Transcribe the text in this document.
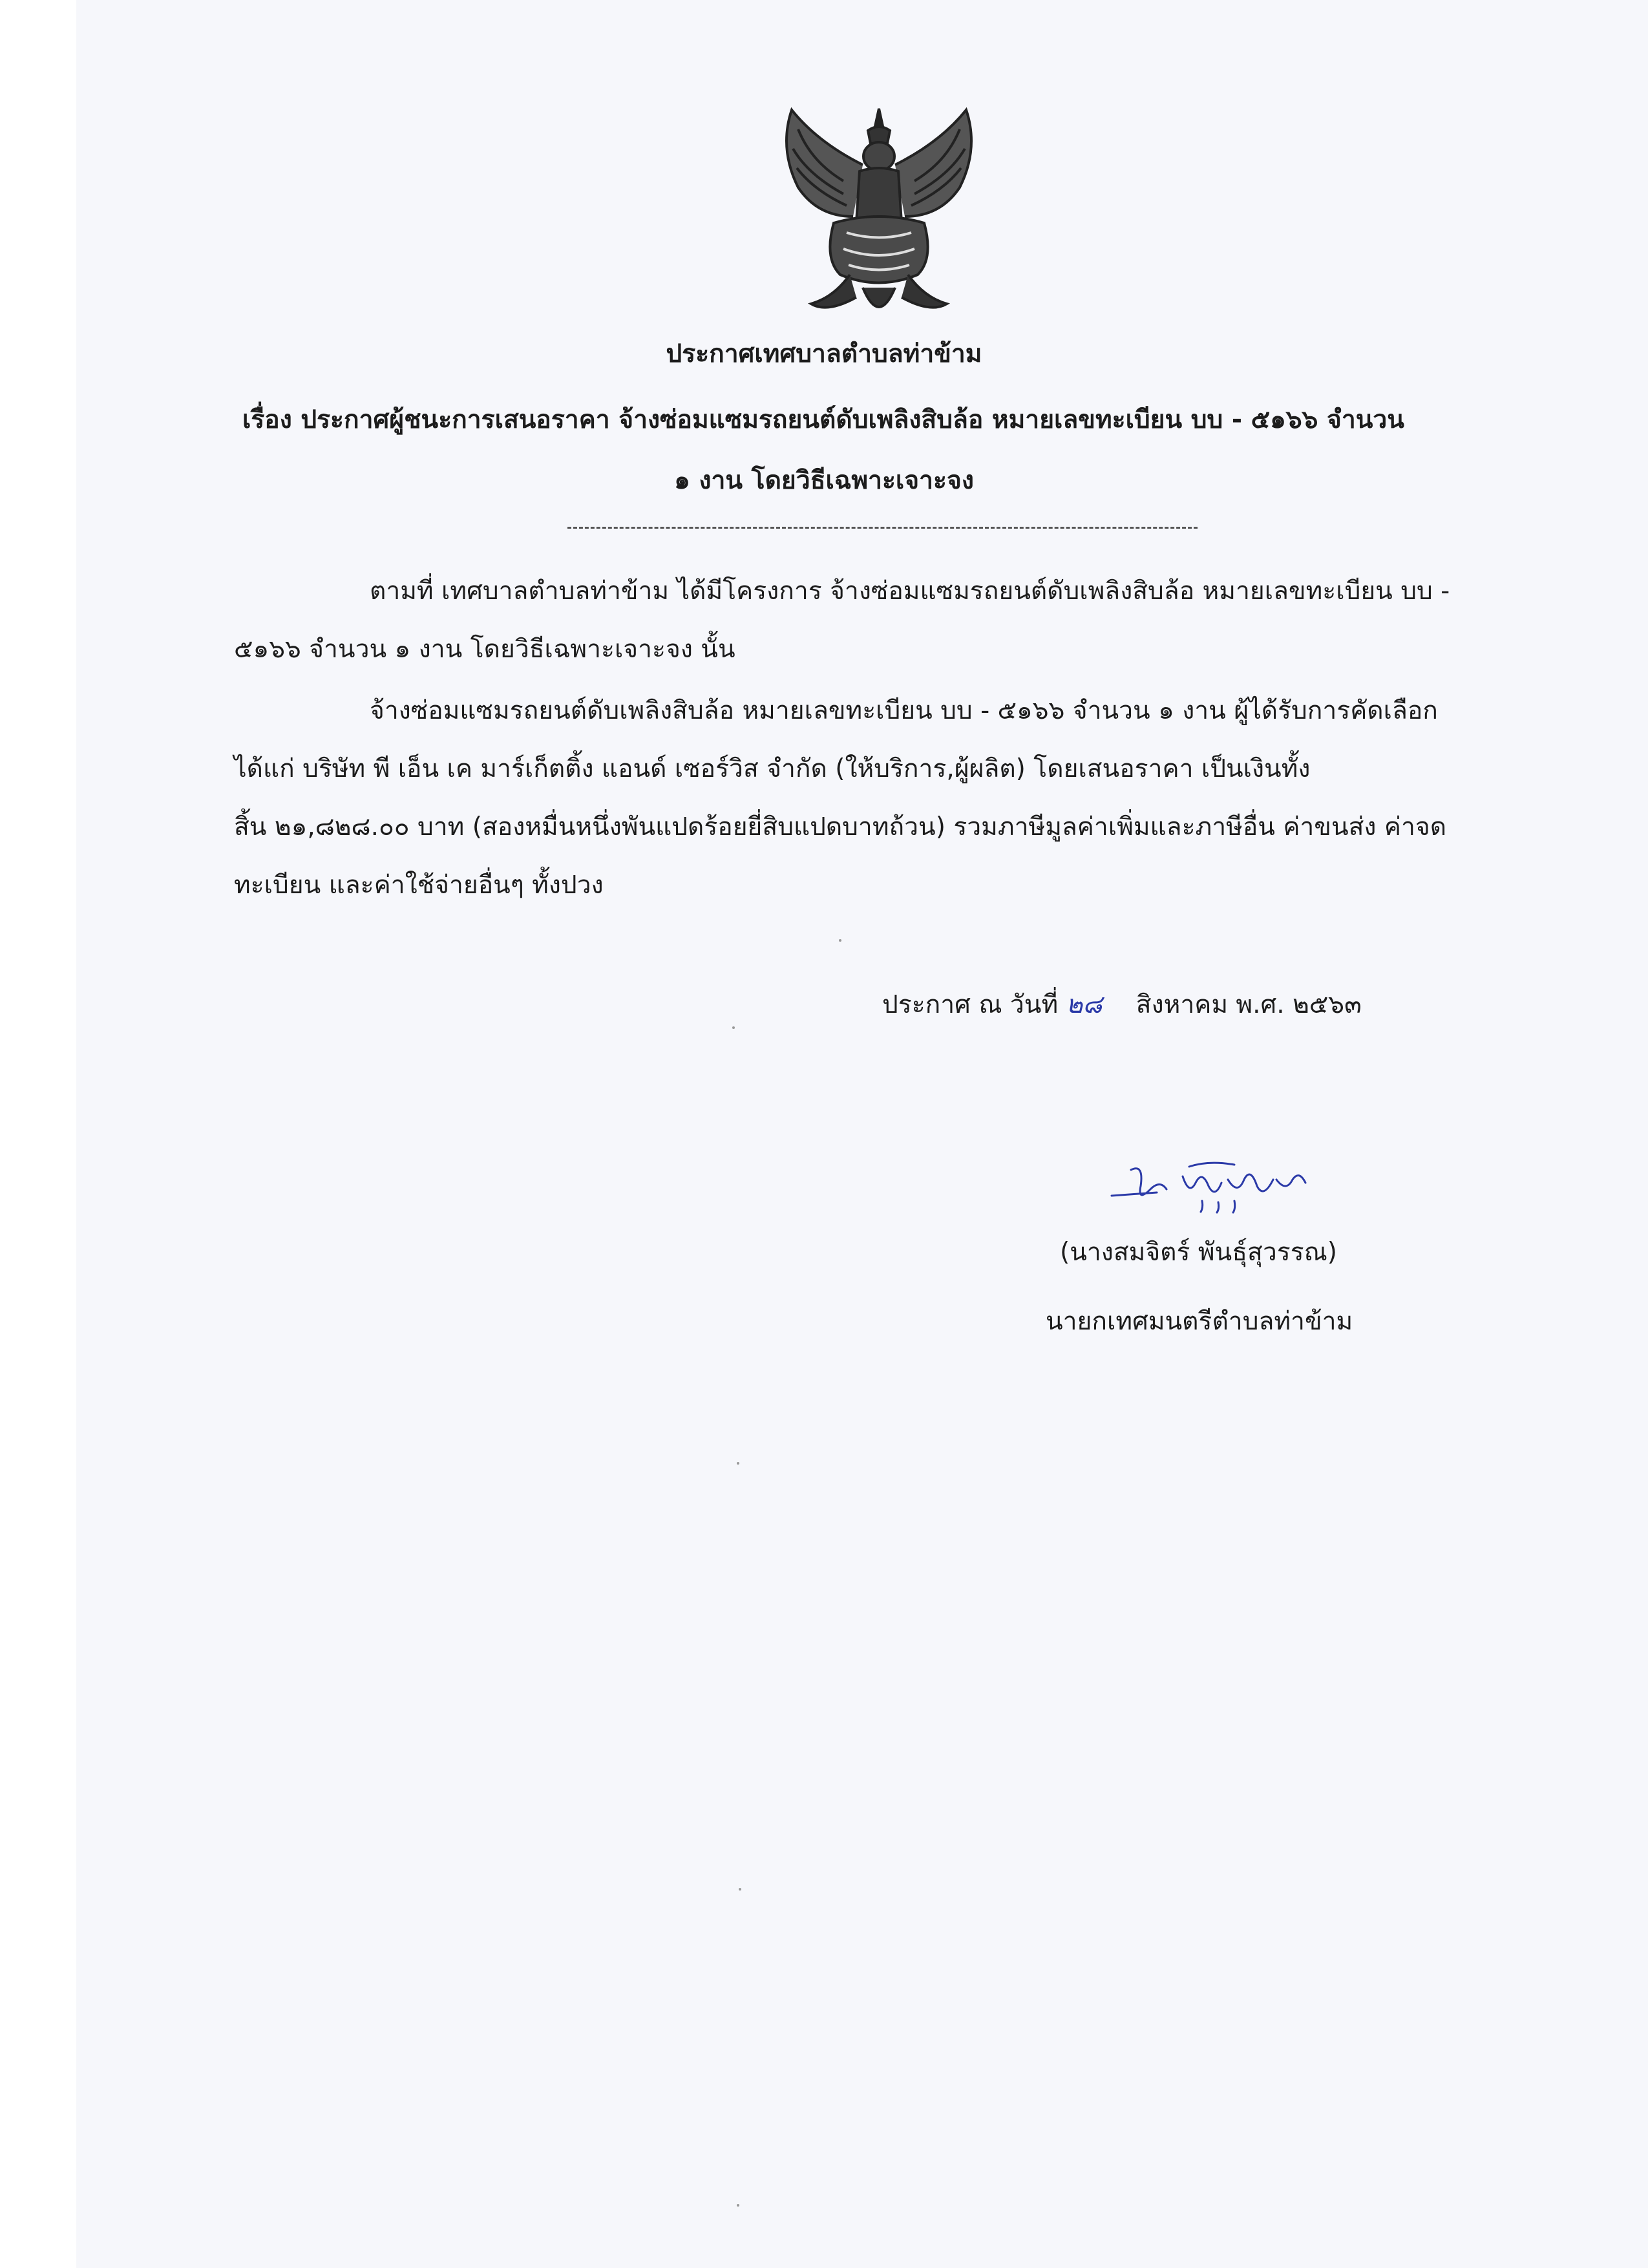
ประกาศเทศบาลตำบลท่าข้าม
เรื่อง ประกาศผู้ชนะการเสนอราคา จ้างซ่อมแซมรถยนต์ดับเพลิงสิบล้อ หมายเลขทะเบียน บบ - ๕๑๖๖ จำนวน
๑ งาน โดยวิธีเฉพาะเจาะจง
ตามที่ เทศบาลตำบลท่าข้าม ได้มีโครงการ จ้างซ่อมแซมรถยนต์ดับเพลิงสิบล้อ หมายเลขทะเบียน บบ -
๕๑๖๖ จำนวน ๑ งาน โดยวิธีเฉพาะเจาะจง นั้น
จ้างซ่อมแซมรถยนต์ดับเพลิงสิบล้อ หมายเลขทะเบียน บบ - ๕๑๖๖ จำนวน ๑ งาน ผู้ได้รับการคัดเลือก
ได้แก่ บริษัท พี เอ็น เค มาร์เก็ตติ้ง แอนด์ เซอร์วิส จำกัด (ให้บริการ,ผู้ผลิต) โดยเสนอราคา เป็นเงินทั้ง
สิ้น ๒๑,๘๒๘.๐๐ บาท (สองหมื่นหนึ่งพันแปดร้อยยี่สิบแปดบาทถ้วน) รวมภาษีมูลค่าเพิ่มและภาษีอื่น ค่าขนส่ง ค่าจด
ทะเบียน และค่าใช้จ่ายอื่นๆ ทั้งปวง
ประกาศ ณ วันที่ ๒๘ สิงหาคม พ.ศ. ๒๕๖๓
(นางสมจิตร์ พันธุ์สุวรรณ)
นายกเทศมนตรีตำบลท่าข้าม
